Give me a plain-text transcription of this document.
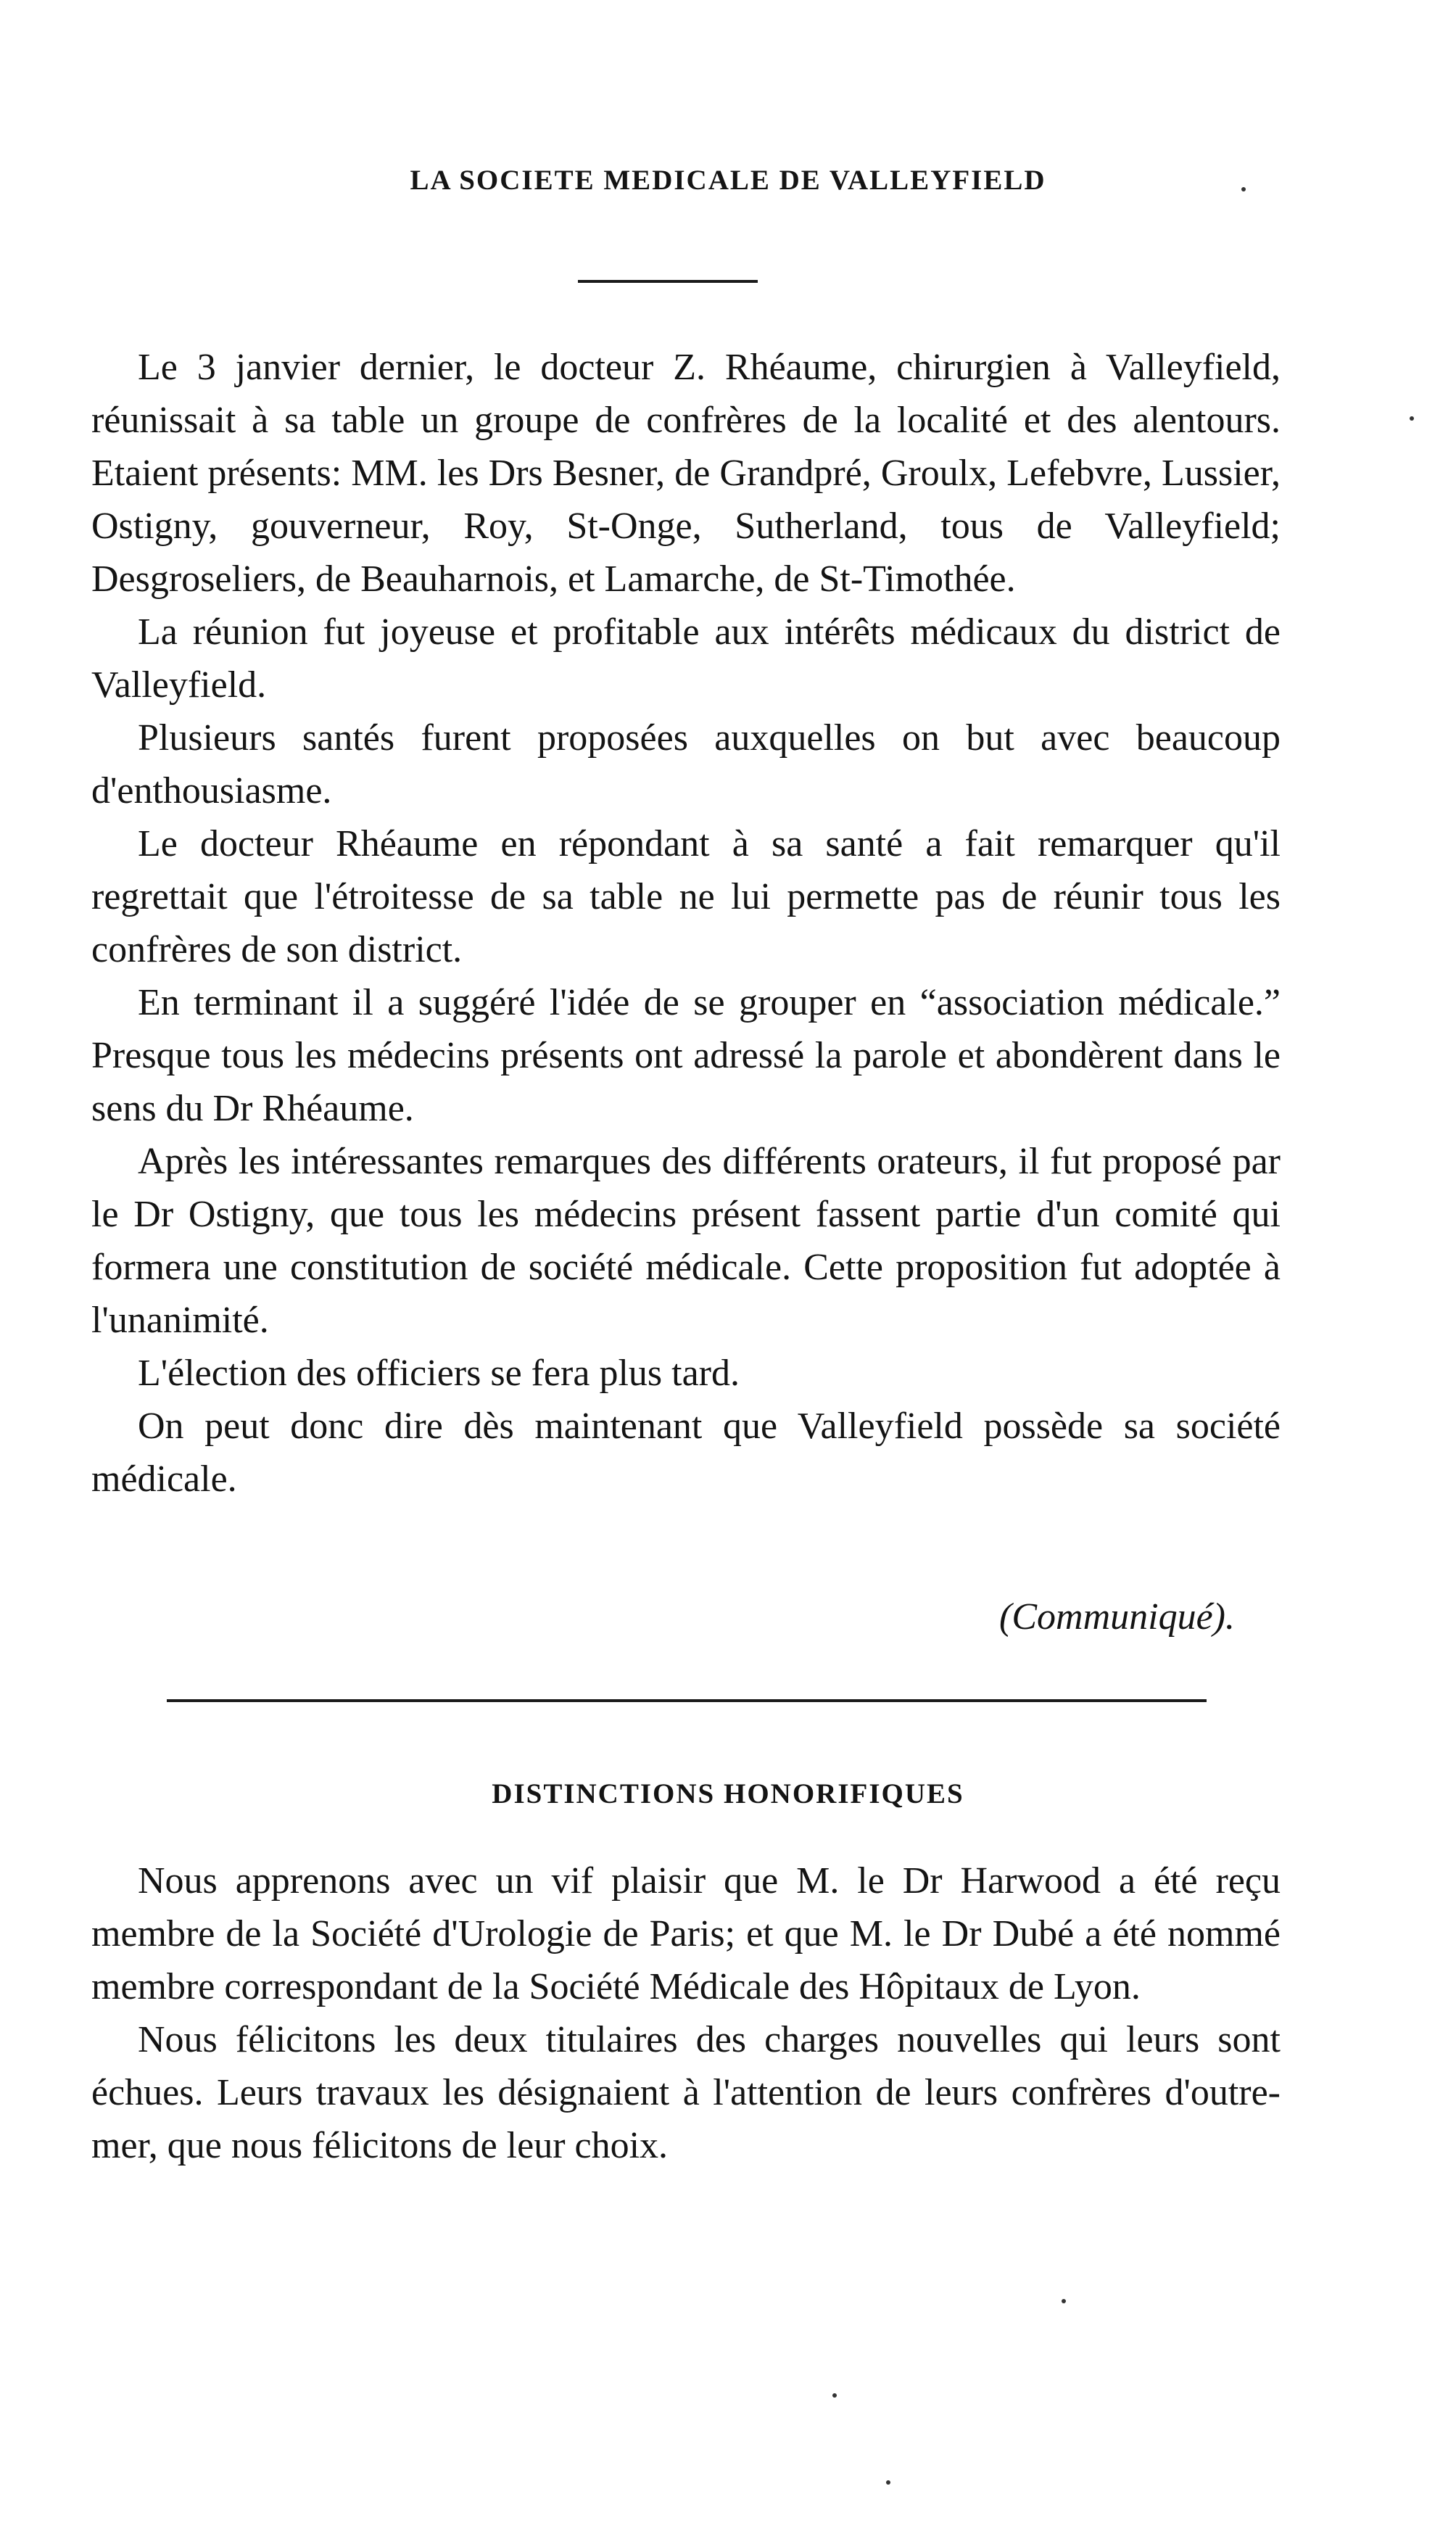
LA SOCIETE MEDICALE DE VALLEYFIELD

Le 3 janvier dernier, le docteur Z. Rhéaume, chirurgien à Valleyfield, réunissait à sa table un groupe de confrères de la localité et des alentours. Etaient présents: MM. les Drs Besner, de Grandpré, Groulx, Lefebvre, Lussier, Ostigny, gouverneur, Roy, St-Onge, Sutherland, tous de Valleyfield; Desgroseliers, de Beauharnois, et Lamarche, de St-Timothée.

La réunion fut joyeuse et profitable aux intérêts médicaux du district de Valleyfield.

Plusieurs santés furent proposées auxquelles on but avec beaucoup d'enthousiasme.

Le docteur Rhéaume en répondant à sa santé a fait remarquer qu'il regrettait que l'étroitesse de sa table ne lui permette pas de réunir tous les confrères de son district.

En terminant il a suggéré l'idée de se grouper en “association médicale.” Presque tous les médecins présents ont adressé la parole et abondèrent dans le sens du Dr Rhéaume.

Après les intéressantes remarques des différents orateurs, il fut proposé par le Dr Ostigny, que tous les médecins présent fassent partie d'un comité qui formera une constitution de société médicale. Cette proposition fut adoptée à l'unanimité.

L'élection des officiers se fera plus tard.

On peut donc dire dès maintenant que Valleyfield possède sa société médicale.

(Communiqué).
DISTINCTIONS HONORIFIQUES

Nous apprenons avec un vif plaisir que M. le Dr Harwood a été reçu membre de la Société d'Urologie de Paris; et que M. le Dr Dubé a été nommé membre correspondant de la Société Médicale des Hôpitaux de Lyon.

Nous félicitons les deux titulaires des charges nouvelles qui leurs sont échues. Leurs travaux les désignaient à l'attention de leurs confrères d'outre-mer, que nous félicitons de leur choix.
